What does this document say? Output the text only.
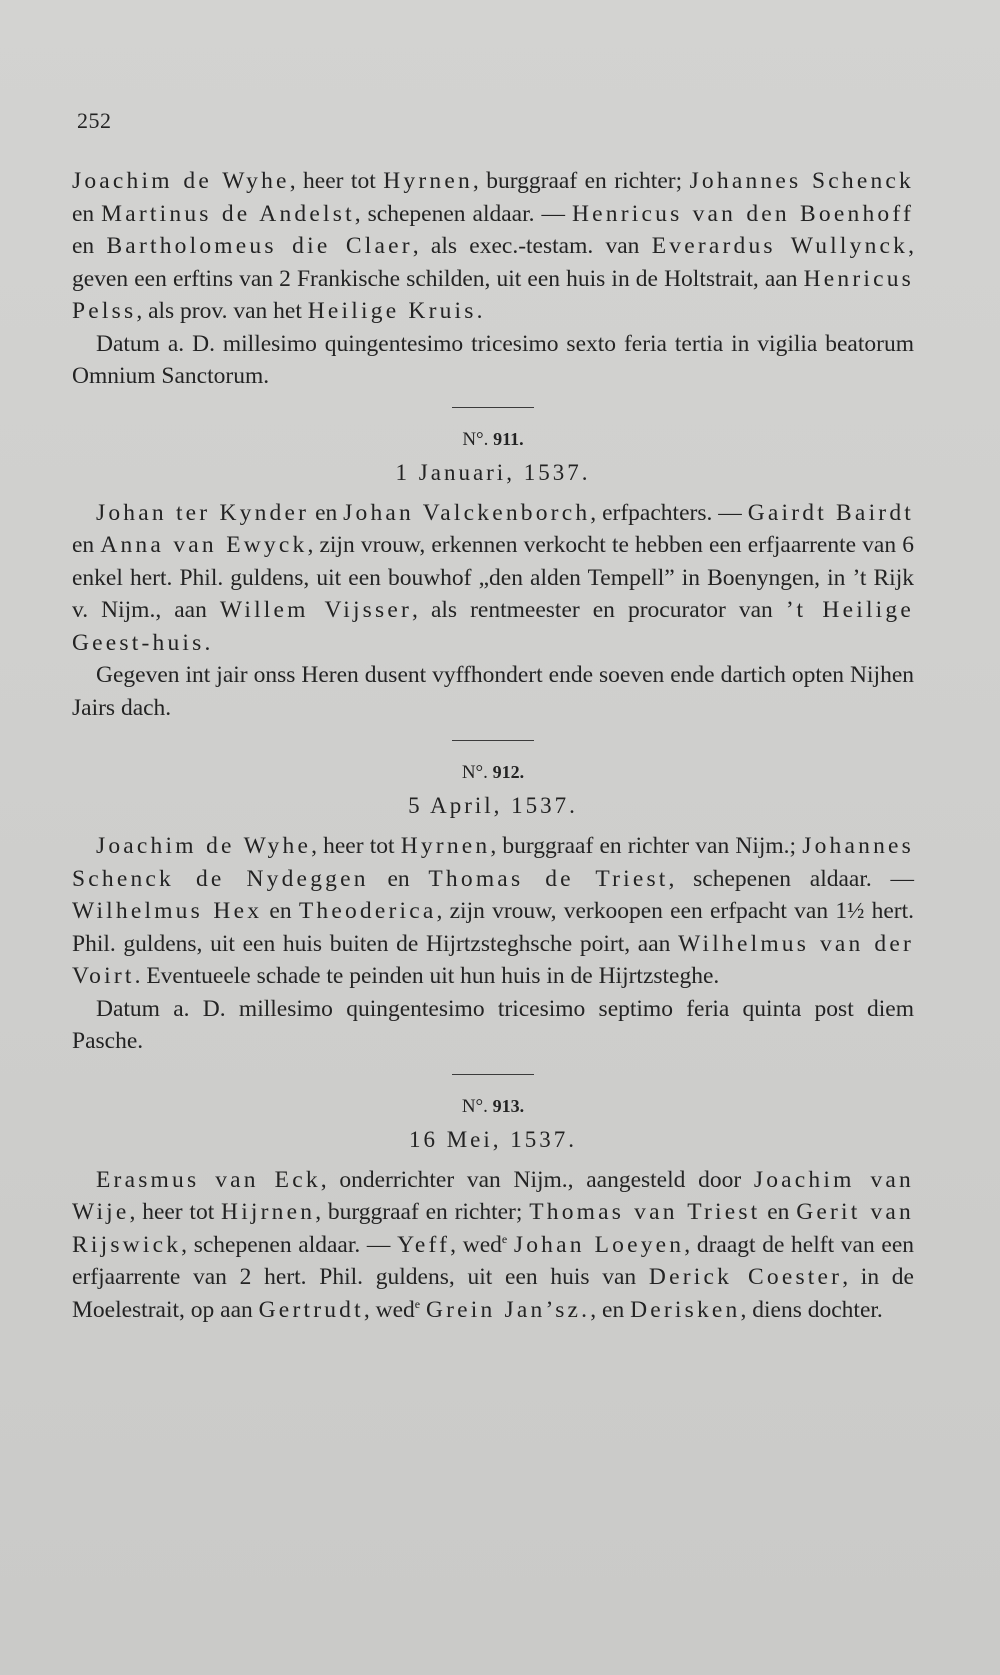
252

Joachim de Wyhe, heer tot Hyrnen, burggraaf en richter; Johannes Schenck en Martinus de Andelst, schepenen aldaar. — Henricus van den Boenhoff en Bartholomeus die Claer, als exec.-testam. van Everardus Wullynck, geven een erftins van 2 Frankische schilden, uit een huis in de Holtstrait, aan Henricus Pelss, als prov. van het Heilige Kruis.

Datum a. D. millesimo quingentesimo tricesimo sexto feria tertia in vigilia beatorum Omnium Sanctorum.

N°. 911.

1 Januari, 1537.

Johan ter Kynder en Johan Valckenborch, erfpachters. — Gairdt Bairdt en Anna van Ewyck, zijn vrouw, erkennen verkocht te hebben een erfjaarrente van 6 enkel hert. Phil. guldens, uit een bouwhof „den alden Tempell” in Boenyngen, in ’t Rijk v. Nijm., aan Willem Vijsser, als rentmeester en procurator van ’t Heilige Geest-huis.

Gegeven int jair onss Heren dusent vyffhondert ende soeven ende dartich opten Nijhen Jairs dach.

N°. 912.

5 April, 1537.

Joachim de Wyhe, heer tot Hyrnen, burggraaf en richter van Nijm.; Johannes Schenck de Nydeggen en Thomas de Triest, schepenen aldaar. — Wilhelmus Hex en Theoderica, zijn vrouw, verkoopen een erfpacht van 1½ hert. Phil. guldens, uit een huis buiten de Hijrtzsteghsche poirt, aan Wilhelmus van der Voirt. Eventueele schade te peinden uit hun huis in de Hijrtzsteghe.

Datum a. D. millesimo quingentesimo tricesimo septimo feria quinta post diem Pasche.

N°. 913.

16 Mei, 1537.

Erasmus van Eck, onderrichter van Nijm., aangesteld door Joachim van Wije, heer tot Hijrnen, burggraaf en richter; Thomas van Triest en Gerit van Rijswick, schepenen aldaar. — Yeff, wed$^e$ Johan Loeyen, draagt de helft van een erfjaarrente van 2 hert. Phil. guldens, uit een huis van Derick Coester, in de Moelestrait, op aan Gertrudt, wed$^e$ Grein Jan’sz., en Derisken, diens dochter.
